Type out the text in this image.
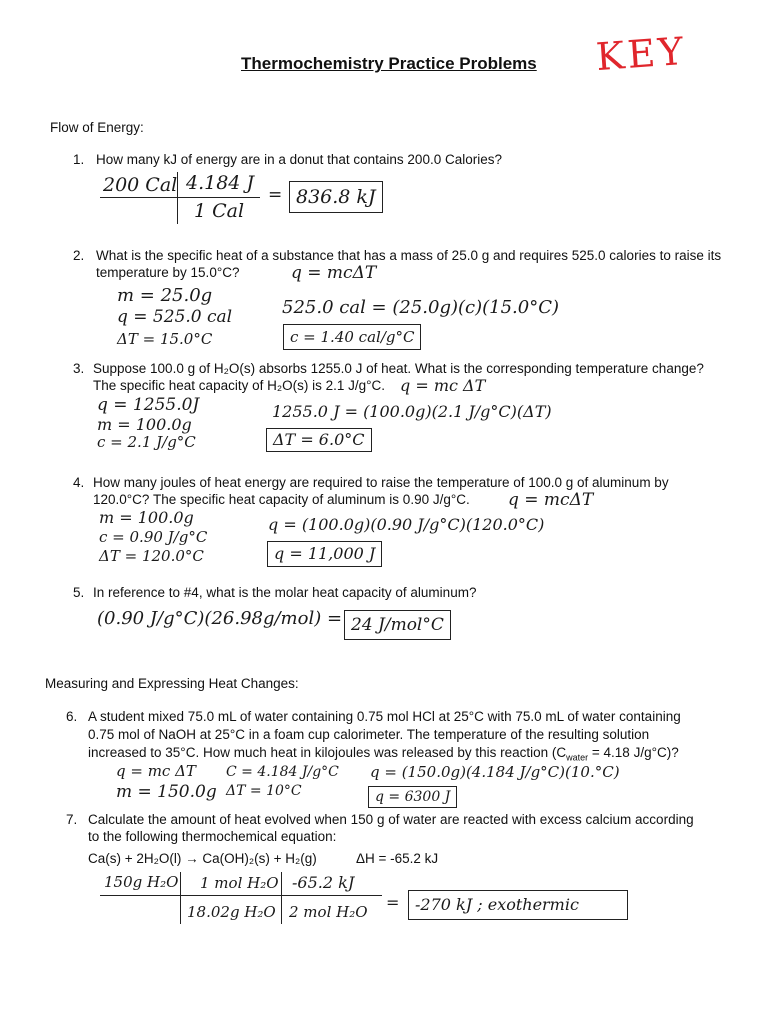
Thermochemistry Practice Problems KEY
Flow of Energy:
1. How many kJ of energy are in a donut that contains 200.0 Calories?
200 Cal 4.184 J
1 Cal
= 836.8 kJ
2. What is the specific heat of a substance that has a mass of 25.0 g and requires 525.0 calories to raise its
temperature by 15.0°C?	q = mcΔT
m = 25.0g
q = 525.0 cal
ΔT = 15.0°C
525.0 cal = (25.0g)(c)(15.0°C)
c = 1.40 cal/g°C
3. Suppose 100.0 g of H₂O(s) absorbs 1255.0 J of heat. What is the corresponding temperature change?
The specific heat capacity of H₂O(s) is 2.1 J/g°C. q = mc ΔT
q = 1255.0J
m = 100.0g
c = 2.1 J/g°C
1255.0 J = (100.0g)(2.1 J/g°C)(ΔT)
ΔT = 6.0°C
4. How many joules of heat energy are required to raise the temperature of 100.0 g of aluminum by
120.0°C? The specific heat capacity of aluminum is 0.90 J/g°C. q = mcΔT
m = 100.0g
c = 0.90 J/g°C
ΔT = 120.0°C
q = (100.0g)(0.90 J/g°C)(120.0°C)
q = 11,000 J
5. In reference to #4, what is the molar heat capacity of aluminum?
(0.90 J/g°C)(26.98g/mol) = 24 J/mol°C
Measuring and Expressing Heat Changes:
6. A student mixed 75.0 mL of water containing 0.75 mol HCl at 25°C with 75.0 mL of water containing
0.75 mol of NaOH at 25°C in a foam cup calorimeter. The temperature of the resulting solution
increased to 35°C. How much heat in kilojoules was released by this reaction ($C_{water} = 4.18$ J/g°C)?
q = mc ΔT
m = 150.0g
C = 4.184 J/g°C
ΔT = 10°C
q = (150.0g)(4.184 J/g°C)(10.°C)
q = 6300 J
7. Calculate the amount of heat evolved when 150 g of water are reacted with excess calcium according
to the following thermochemical equation:
Ca(s) + 2H₂O(l) → Ca(OH)₂(s) + H₂(g)	ΔH = -65.2 kJ
150g H₂O 1 mol H₂O
18.02g H₂O
-65.2 kJ
2 mol H₂O = -270 kJ ; exothermic
